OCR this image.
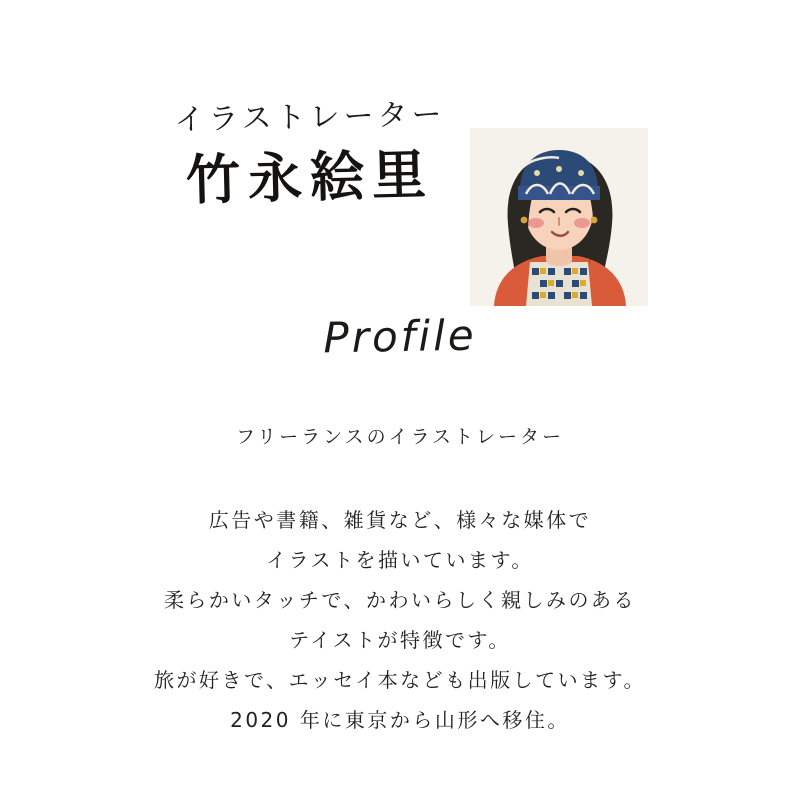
イラストレーター
竹永絵里
Profile
フリーランスのイラストレーター
広告や書籍、雑貨など、様々な媒体で
イラストを描いています。
柔らかいタッチで、かわいらしく親しみのある
テイストが特徴です。
旅が好きで、エッセイ本なども出版しています。
2020 年に東京から山形へ移住。
